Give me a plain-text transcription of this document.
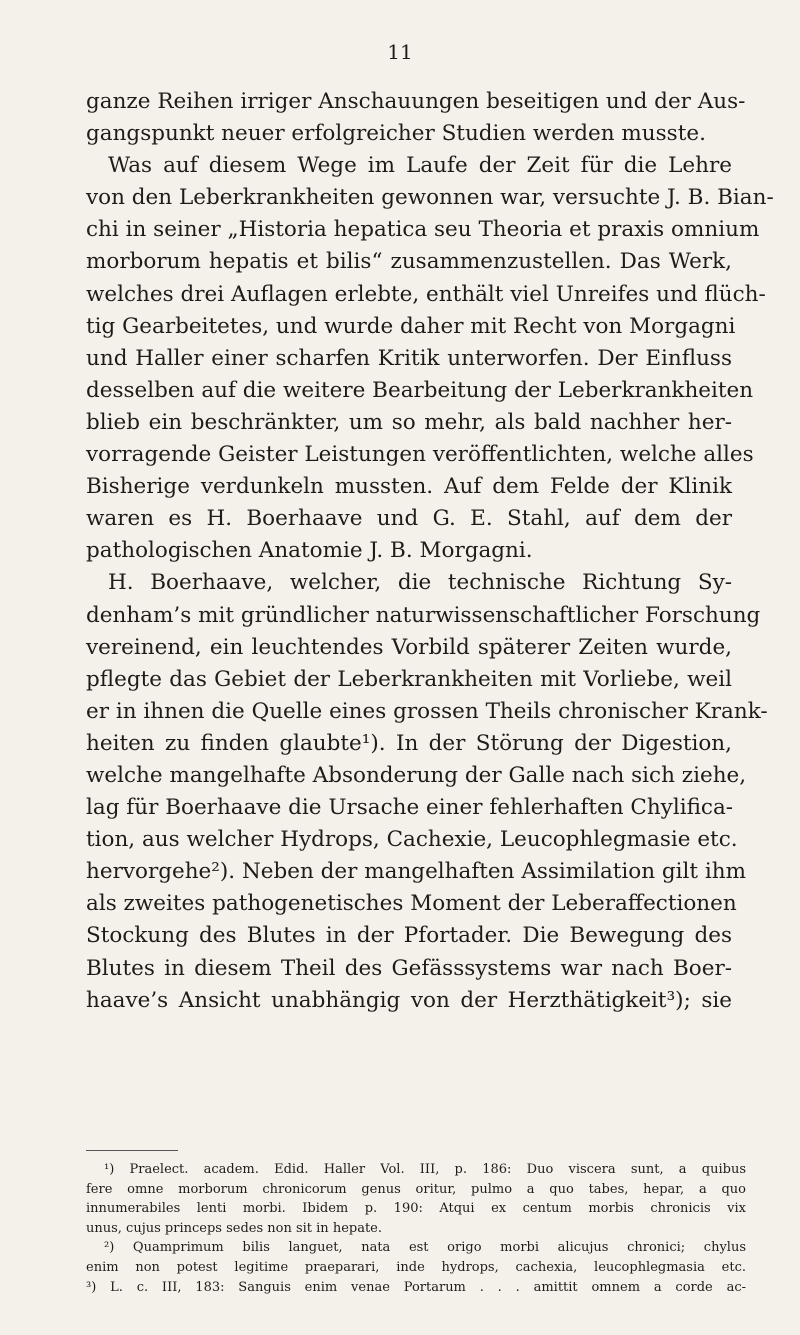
11
ganze Reihen irriger Anschauungen beseitigen und der Aus-
gangspunkt neuer erfolgreicher Studien werden musste.
Was auf diesem Wege im Laufe der Zeit für die Lehre
von den Leberkrankheiten gewonnen war, versuchte J. B. Bian-
chi in seiner „Historia hepatica seu Theoria et praxis omnium
morborum hepatis et bilis“ zusammenzustellen. Das Werk,
welches drei Auflagen erlebte, enthält viel Unreifes und flüch-
tig Gearbeitetes, und wurde daher mit Recht von Morgagni
und Haller einer scharfen Kritik unterworfen. Der Einfluss
desselben auf die weitere Bearbeitung der Leberkrankheiten
blieb ein beschränkter, um so mehr, als bald nachher her-
vorragende Geister Leistungen veröffentlichten, welche alles
Bisherige verdunkeln mussten. Auf dem Felde der Klinik
waren es H. Boerhaave und G. E. Stahl, auf dem der
pathologischen Anatomie J. B. Morgagni.
H. Boerhaave, welcher, die technische Richtung Sy-
denham’s mit gründlicher naturwissenschaftlicher Forschung
vereinend, ein leuchtendes Vorbild späterer Zeiten wurde,
pflegte das Gebiet der Leberkrankheiten mit Vorliebe, weil
er in ihnen die Quelle eines grossen Theils chronischer Krank-
heiten zu finden glaubte¹). In der Störung der Digestion,
welche mangelhafte Absonderung der Galle nach sich ziehe,
lag für Boerhaave die Ursache einer fehlerhaften Chylifica-
tion, aus welcher Hydrops, Cachexie, Leucophlegmasie etc.
hervorgehe²). Neben der mangelhaften Assimilation gilt ihm
als zweites pathogenetisches Moment der Leberaffectionen
Stockung des Blutes in der Pfortader. Die Bewegung des
Blutes in diesem Theil des Gefässsystems war nach Boer-
haave’s Ansicht unabhängig von der Herzthätigkeit³); sie
¹) Praelect. academ. Edid. Haller Vol. III, p. 186: Duo viscera sunt, a quibus
fere omne morborum chronicorum genus oritur, pulmo a quo tabes, hepar, a quo
innumerabiles lenti morbi. Ibidem p. 190: Atqui ex centum morbis chronicis vix
unus, cujus princeps sedes non sit in hepate.
²) Quamprimum bilis languet, nata est origo morbi alicujus chronici; chylus
enim non potest legitime praeparari, inde hydrops, cachexia, leucophlegmasia etc.
³) L. c. III, 183: Sanguis enim venae Portarum . . . amittit omnem a corde ac-
